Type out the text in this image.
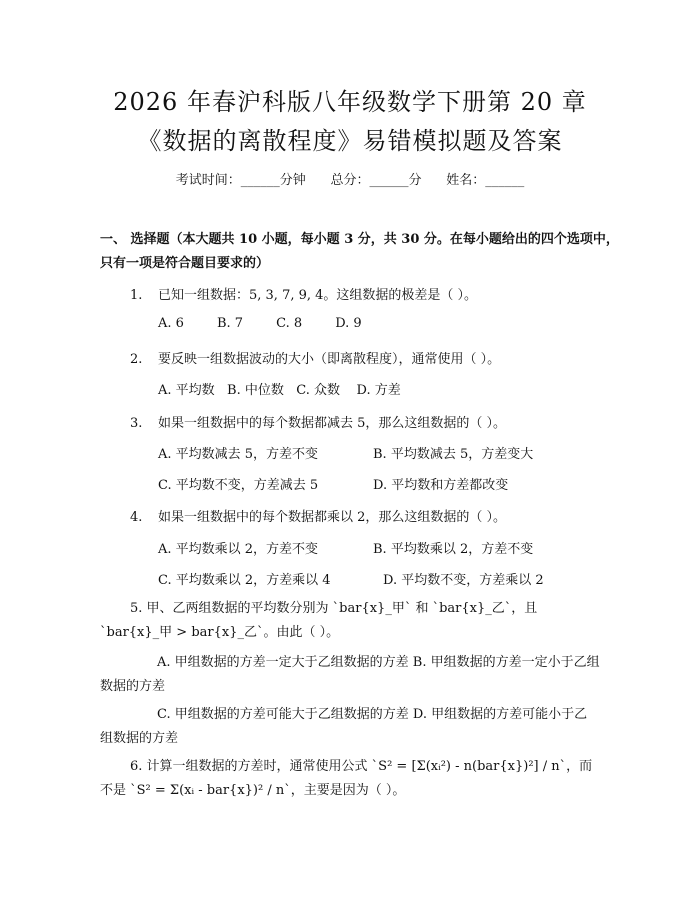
2026 年春沪科版八年级数学下册第 20 章
《数据的离散程度》易错模拟题及答案
考试时间：______分钟      总分：______分      姓名：______
一、 选择题（本大题共 10 小题，每小题 3 分，共 30 分。在每小题给出的四个选项中，只有一项是符合题目要求的）
1. 已知一组数据：5, 3, 7, 9, 4。这组数据的极差是（ ）。
A. 6        B. 7        C. 8        D. 9
2. 要反映一组数据波动的大小（即离散程度），通常使用（ ）。
A. 平均数   B. 中位数   C. 众数    D. 方差
3. 如果一组数据中的每个数据都减去 5，那么这组数据的（ ）。
A. 平均数减去 5，方差不变	B. 平均数减去 5，方差变大
C. 平均数不变，方差减去 5	D. 平均数和方差都改变
4. 如果一组数据中的每个数据都乘以 2，那么这组数据的（ ）。
A. 平均数乘以 2，方差不变	B. 平均数乘以 2，方差不变
C. 平均数乘以 2，方差乘以 4	D. 平均数不变，方差乘以 2
5. 甲、乙两组数据的平均数分别为 `bar{x}_甲` 和 `bar{x}_乙`，且 `bar{x}_甲 > bar{x}_乙`。由此（ ）。
A. 甲组数据的方差一定大于乙组数据的方差 B. 甲组数据的方差一定小于乙组数据的方差
C. 甲组数据的方差可能大于乙组数据的方差 D. 甲组数据的方差可能小于乙组数据的方差
6. 计算一组数据的方差时，通常使用公式 `S² = [Σ(xᵢ²) - n(bar{x})²] / n`，而不是 `S² = Σ(xᵢ - bar{x})² / n`，主要是因为（ ）。
